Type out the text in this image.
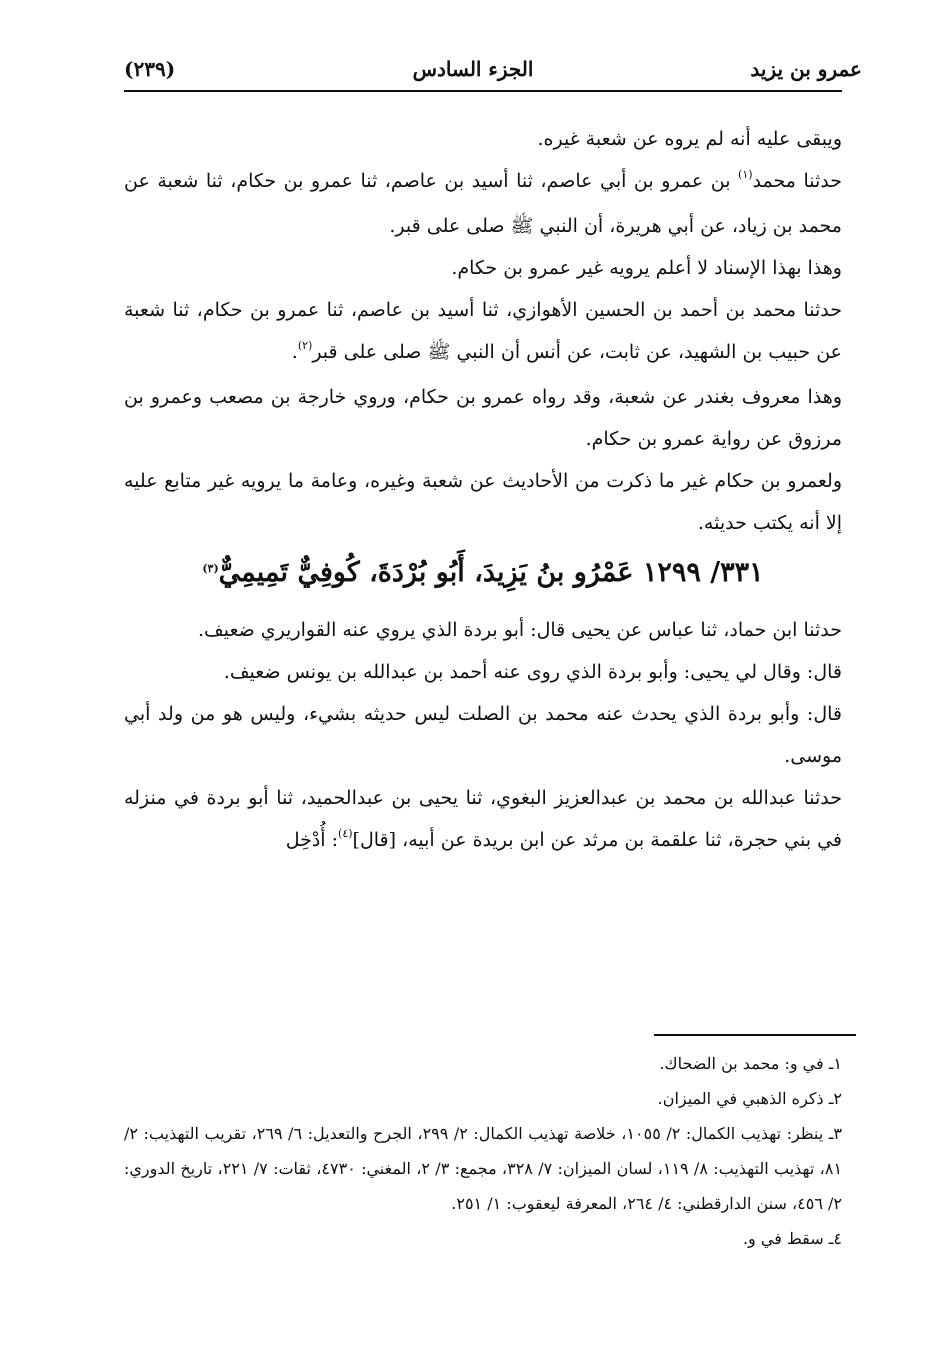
عمرو بن يزيد
الجزء السادس
(٢٣٩)

ويبقى عليه أنه لم يروه عن شعبة غيره.

حدثنا محمد$^{(١)}$ بن عمرو بن أبي عاصم، ثنا أسيد بن عاصم، ثنا عمرو بن حكام، ثنا شعبة عن محمد بن زياد، عن أبي هريرة، أن النبي ﷺ صلى على قبر.

وهذا بهذا الإسناد لا أعلم يرويه غير عمرو بن حكام.

حدثنا محمد بن أحمد بن الحسين الأهوازي، ثنا أسيد بن عاصم، ثنا عمرو بن حكام، ثنا شعبة عن حبيب بن الشهيد، عن ثابت، عن أنس أن النبي ﷺ صلى على قبر$^{(٢)}$.

وهذا معروف بغندر عن شعبة، وقد رواه عمرو بن حكام، وروي خارجة بن مصعب وعمرو بن مرزوق عن رواية عمرو بن حكام.

ولعمرو بن حكام غير ما ذكرت من الأحاديث عن شعبة وغيره، وعامة ما يرويه غير متابع عليه إلا أنه يكتب حديثه.

٣٣١/ ١٢٩٩ عَمْرُو بنُ يَزِيدَ، أَبُو بُرْدَةَ، كُوفِيٌّ تَمِيمِيٌّ$^{(٣)}$

حدثنا ابن حماد، ثنا عباس عن يحيى قال: أبو بردة الذي يروي عنه القواريري ضعيف.

قال: وقال لي يحيى: وأبو بردة الذي روى عنه أحمد بن عبدالله بن يونس ضعيف.

قال: وأبو بردة الذي يحدث عنه محمد بن الصلت ليس حديثه بشيء، وليس هو من ولد أبي موسى.

حدثنا عبدالله بن محمد بن عبدالعزيز البغوي، ثنا يحيى بن عبدالحميد، ثنا أبو بردة في منزله في بني حجرة، ثنا علقمة بن مرثد عن ابن بريدة عن أبيه، [قال]$^{(٤)}$: أُدْخِل

١ـ في و: محمد بن الضحاك.

٢ـ ذكره الذهبي في الميزان.

٣ـ ينظر: تهذيب الكمال: ٢/ ١٠٥٥، خلاصة تهذيب الكمال: ٢/ ٢٩٩، الجرح والتعديل: ٦/ ٢٦٩، تقريب التهذيب: ٢/ ٨١، تهذيب التهذيب: ٨/ ١١٩، لسان الميزان: ٧/ ٣٢٨، مجمع: ٣/ ٢، المغني: ٤٧٣٠، ثقات: ٧/ ٢٢١، تاريخ الدوري: ٢/ ٤٥٦، سنن الدارقطني: ٤/ ٢٦٤، المعرفة ليعقوب: ١/ ٢٥١.

٤ـ سقط في و.
